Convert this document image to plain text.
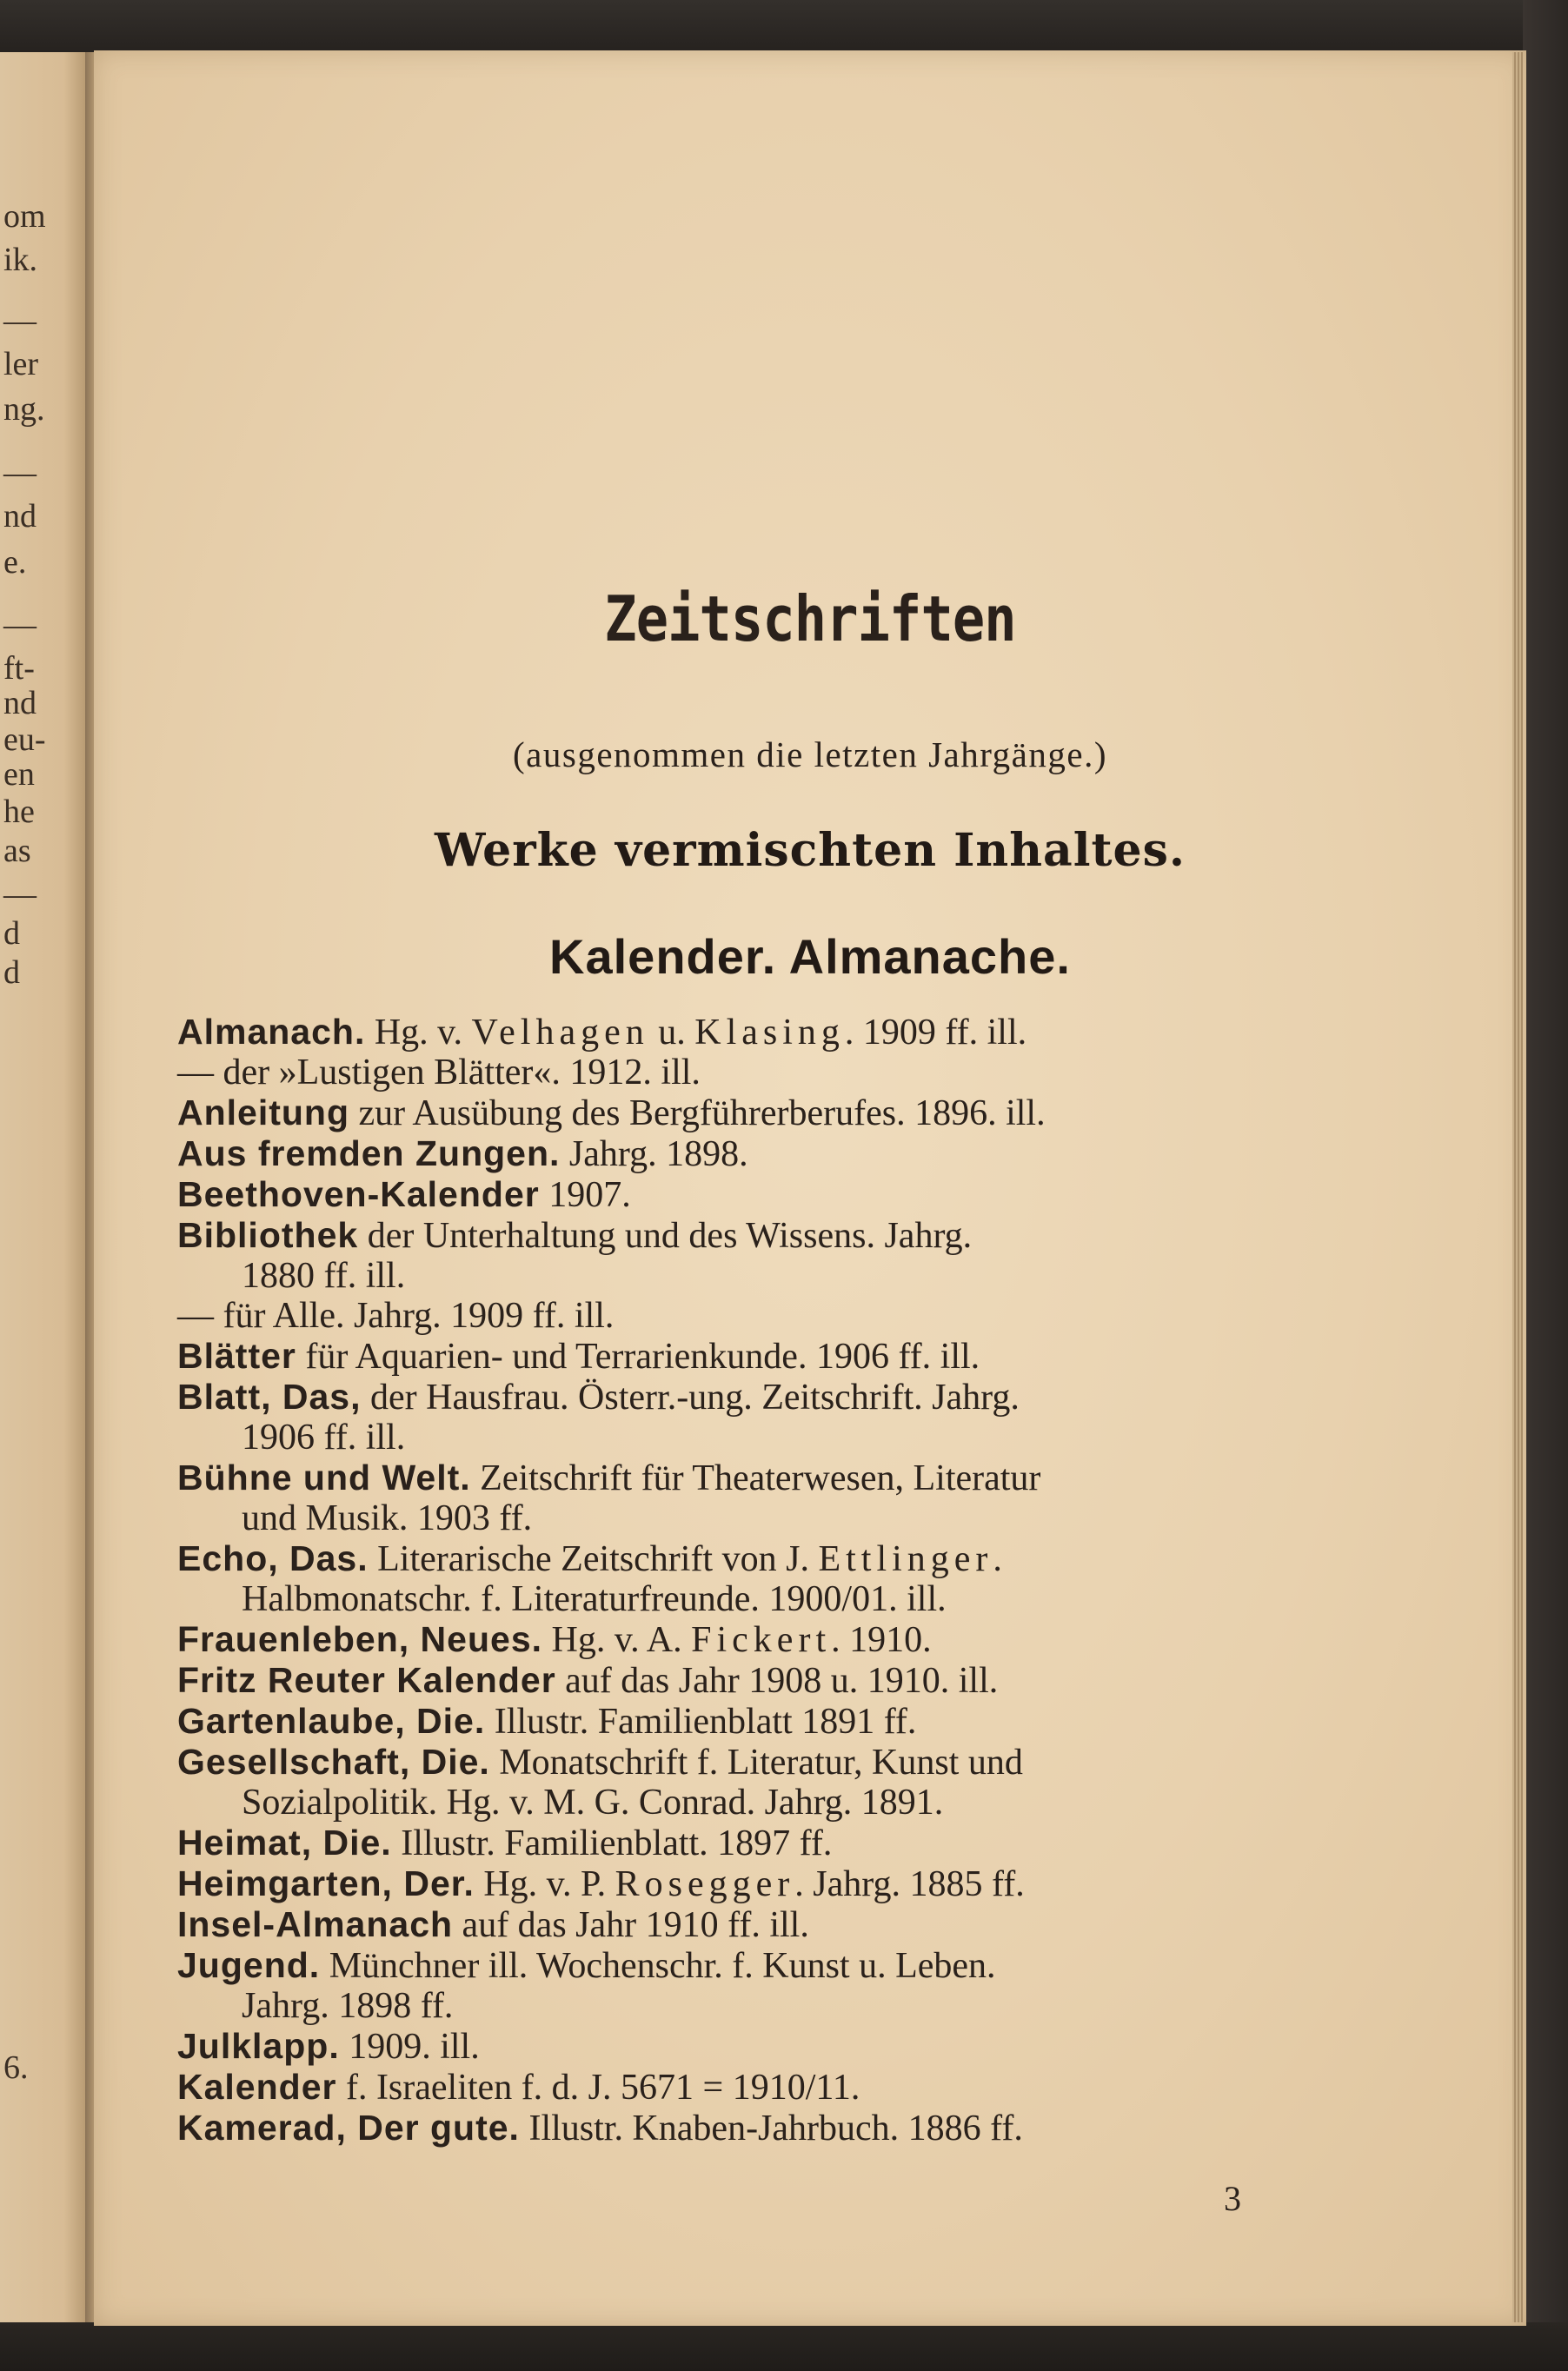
om
ik.
—
ler
ng.
—
nd
e.
—
ft-
nd
eu-
en
he
as
—
d
d
6.
Zeitschriften
(ausgenommen die letzten Jahrgänge.)
Werke vermischten Inhaltes.
Kalender. Almanache.
Almanach. Hg. v. Velhagen u. Klasing. 1909 ff. ill.
— der »Lustigen Blätter«. 1912. ill.
Anleitung zur Ausübung des Bergführerberufes. 1896. ill.
Aus fremden Zungen. Jahrg. 1898.
Beethoven-Kalender 1907.
Bibliothek der Unterhaltung und des Wissens. Jahrg.
1880 ff. ill.
— für Alle. Jahrg. 1909 ff. ill.
Blätter für Aquarien- und Terrarienkunde. 1906 ff. ill.
Blatt, Das, der Hausfrau. Österr.-ung. Zeitschrift. Jahrg.
1906 ff. ill.
Bühne und Welt. Zeitschrift für Theaterwesen, Literatur
und Musik. 1903 ff.
Echo, Das. Literarische Zeitschrift von J. Ettlinger.
Halbmonatschr. f. Literaturfreunde. 1900/01. ill.
Frauenleben, Neues. Hg. v. A. Fickert. 1910.
Fritz Reuter Kalender auf das Jahr 1908 u. 1910. ill.
Gartenlaube, Die. Illustr. Familienblatt 1891 ff.
Gesellschaft, Die. Monatschrift f. Literatur, Kunst und
Sozialpolitik. Hg. v. M. G. Conrad. Jahrg. 1891.
Heimat, Die. Illustr. Familienblatt. 1897 ff.
Heimgarten, Der. Hg. v. P. Rosegger. Jahrg. 1885 ff.
Insel-Almanach auf das Jahr 1910 ff. ill.
Jugend. Münchner ill. Wochenschr. f. Kunst u. Leben.
Jahrg. 1898 ff.
Julklapp. 1909. ill.
Kalender f. Israeliten f. d. J. 5671 = 1910/11.
Kamerad, Der gute. Illustr. Knaben-Jahrbuch. 1886 ff.
3
